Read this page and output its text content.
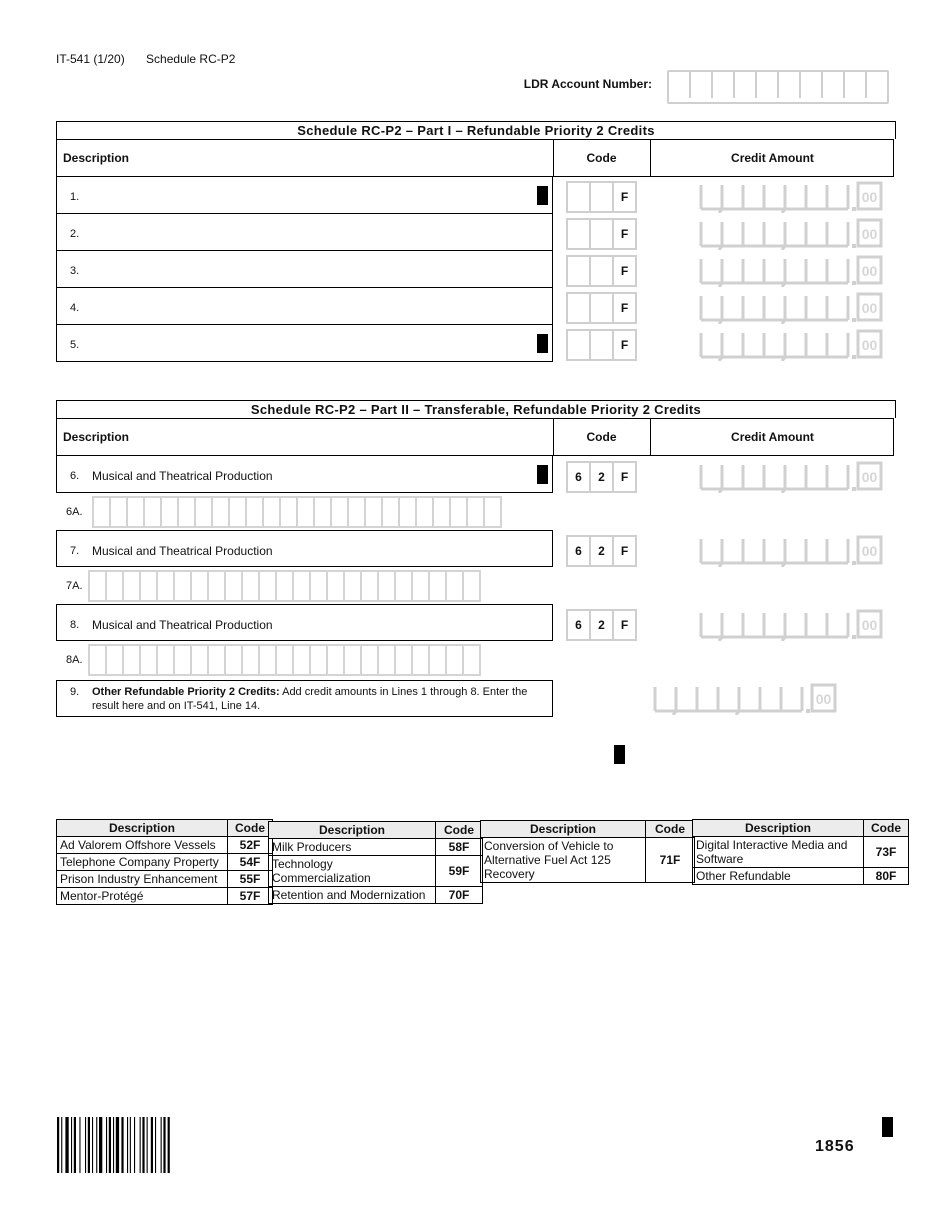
IT-541 (1/20) Schedule RC-P2
LDR Account Number:
Schedule RC-P2 – Part I – Refundable Priority 2 Credits
Description	Code	Credit Amount
1.	F	00
2.	F	00
3.	F	00
4.	F	00
5.	F	00
Schedule RC-P2 – Part II – Transferable, Refundable Priority 2 Credits
Description	Code	Credit Amount
6. Musical and Theatrical Production	6	2	F	00
6A.
7. Musical and Theatrical Production	6	2	F	00
7A.
8. Musical and Theatrical Production	6	2	F	00
8A.
9. Other Refundable Priority 2 Credits: Add credit amounts in Lines 1 through 8. Enter the result here and on IT-541, Line 14.	00
Description	Code
Ad Valorem Offshore Vessels	52F
Telephone Company Property	54F
Prison Industry Enhancement	55F
Mentor-Protégé	57F
Description	Code
Milk Producers	58F
Technology Commercialization	59F
Retention and Modernization	70F
Description	Code
Conversion of Vehicle to Alternative Fuel Act 125 Recovery	71F
Description	Code
Digital Interactive Media and Software	73F
Other Refundable	80F
1856
